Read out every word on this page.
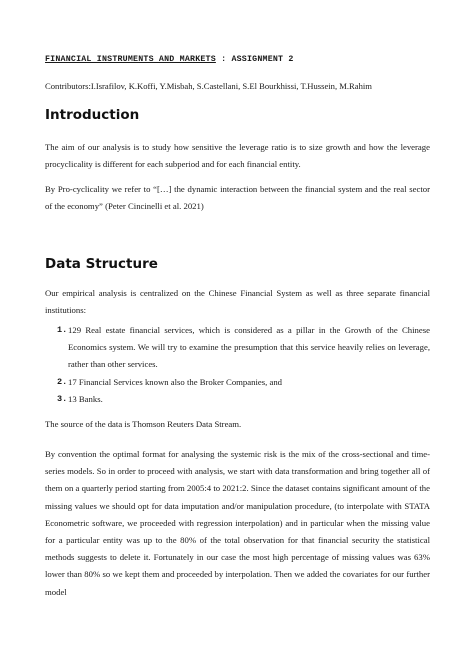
FINANCIAL INSTRUMENTS AND MARKETS : ASSIGNMENT 2
Contributors:I.Israfilov, K.Koffi, Y.Misbah, S.Castellani, S.El Bourkhissi, T.Hussein, M.Rahim
Introduction

The aim of our analysis is to study how sensitive the leverage ratio is to size growth and how the leverage procyclicality is different for each subperiod and for each financial entity.

By Pro-cyclicality we refer to “[…] the dynamic interaction between the financial system and the real sector of the economy” (Peter Cincinelli et al. 2021)

Data Structure

Our empirical analysis is centralized on the Chinese Financial System as well as three separate financial institutions:

1. 129 Real estate financial services, which is considered as a pillar in the Growth of the Chinese Economics system. We will try to examine the presumption that this service heavily relies on leverage, rather than other services.
2. 17 Financial Services known also the Broker Companies, and
3. 13 Banks.

The source of the data is Thomson Reuters Data Stream.

By convention the optimal format for analysing the systemic risk is the mix of the cross-sectional and time-series models. So in order to proceed with analysis, we start with data transformation and bring together all of them on a quarterly period starting from 2005:4 to 2021:2. Since the dataset contains significant amount of the missing values we should opt for data imputation and/or manipulation procedure, (to interpolate with STATA Econometric software, we proceeded with regression interpolation) and in particular when the missing value for a particular entity was up to the 80% of the total observation for that financial security the statistical methods suggests to delete it. Fortunately in our case the most high percentage of missing values was 63% lower than 80% so we kept them and proceeded by interpolation. Then we added the covariates for our further model
